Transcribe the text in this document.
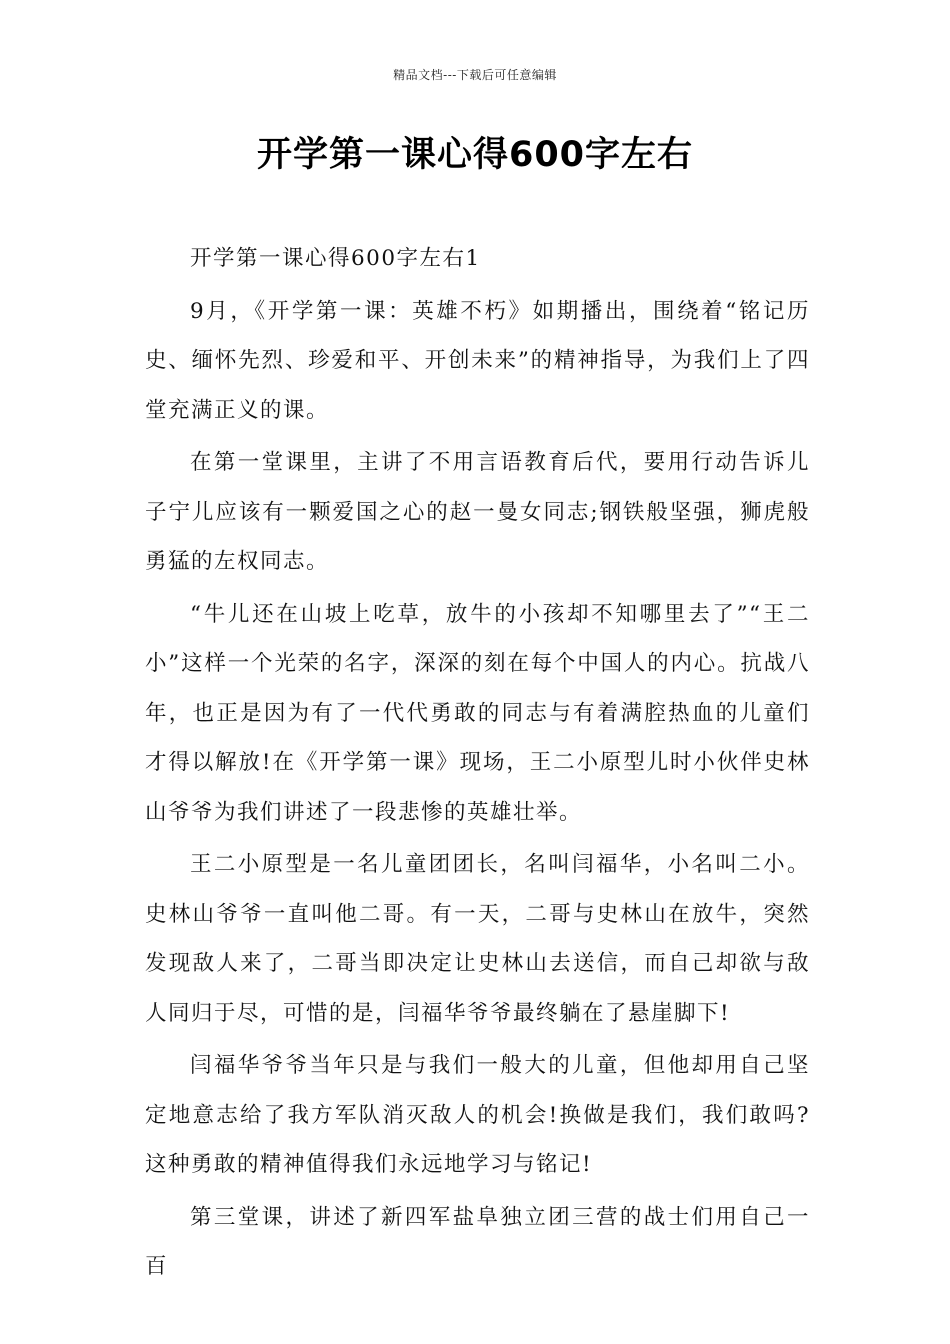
精品文档---下载后可任意编辑
开学第一课心得600字左右

开学第一课心得600字左右1

9月，《开学第一课：英雄不朽》如期播出，围绕着“铭记历史、缅怀先烈、珍爱和平、开创未来”的精神指导，为我们上了四堂充满正义的课。

在第一堂课里，主讲了不用言语教育后代，要用行动告诉儿子宁儿应该有一颗爱国之心的赵一曼女同志;钢铁般坚强，狮虎般勇猛的左权同志。

“牛儿还在山坡上吃草，放牛的小孩却不知哪里去了”“王二小”这样一个光荣的名字，深深的刻在每个中国人的内心。抗战八年，也正是因为有了一代代勇敢的同志与有着满腔热血的儿童们才得以解放!在《开学第一课》现场，王二小原型儿时小伙伴史林山爷爷为我们讲述了一段悲惨的英雄壮举。

王二小原型是一名儿童团团长，名叫闫福华，小名叫二小。史林山爷爷一直叫他二哥。有一天，二哥与史林山在放牛，突然发现敌人来了，二哥当即决定让史林山去送信，而自己却欲与敌人同归于尽，可惜的是，闫福华爷爷最终躺在了悬崖脚下!

闫福华爷爷当年只是与我们一般大的儿童，但他却用自己坚定地意志给了我方军队消灭敌人的机会!换做是我们，我们敢吗?这种勇敢的精神值得我们永远地学习与铭记!

第三堂课，讲述了新四军盐阜独立团三营的战士们用自己一百
